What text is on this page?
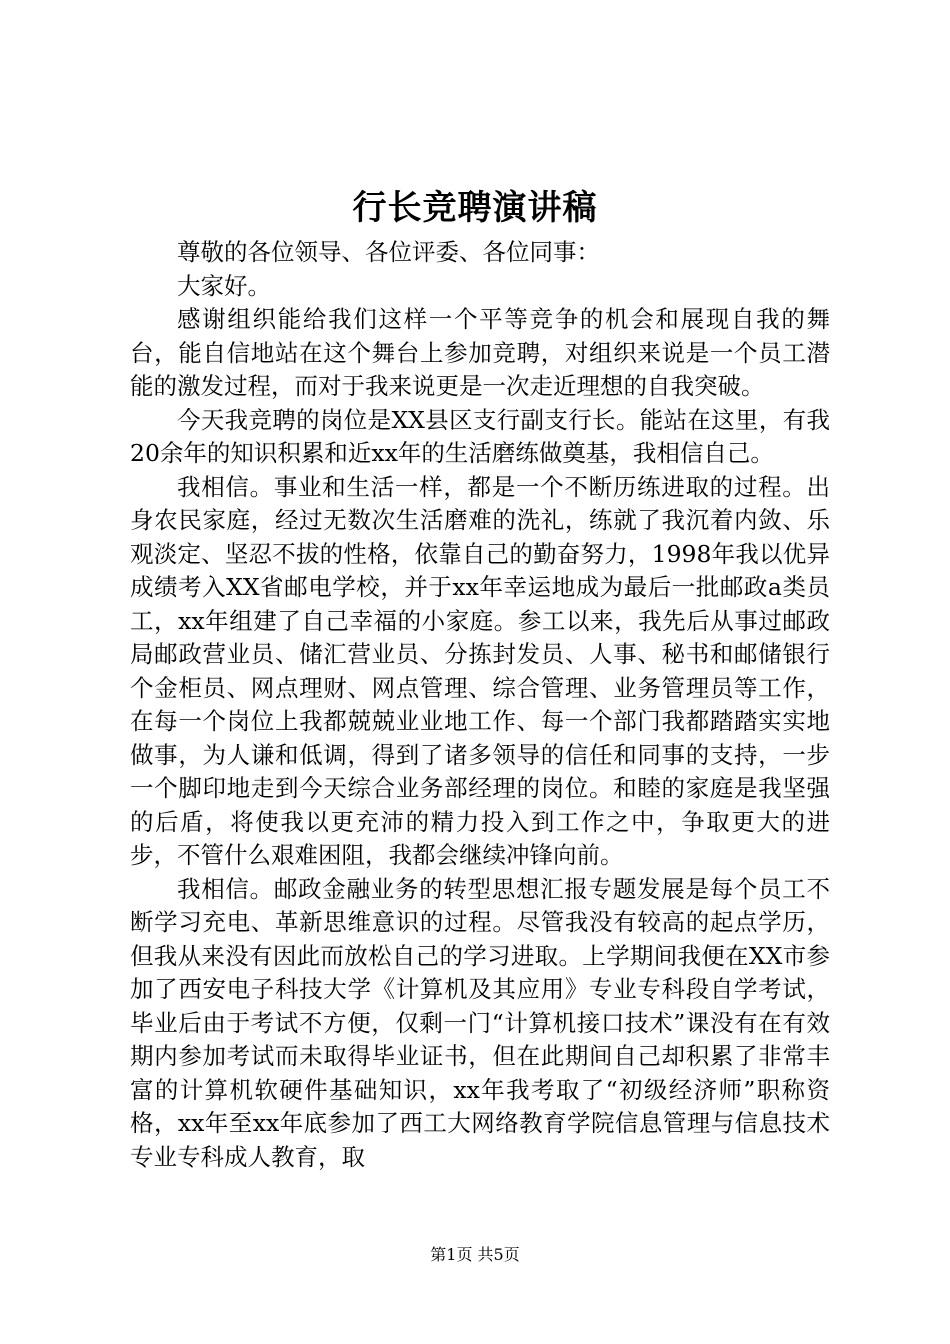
行长竞聘演讲稿

尊敬的各位领导、各位评委、各位同事：

大家好。

感谢组织能给我们这样一个平等竞争的机会和展现自我的舞台，能自信地站在这个舞台上参加竞聘，对组织来说是一个员工潜能的激发过程，而对于我来说更是一次走近理想的自我突破。

今天我竞聘的岗位是XX县区支行副支行长。能站在这里，有我20余年的知识积累和近xx年的生活磨练做奠基，我相信自己。

我相信。事业和生活一样，都是一个不断历练进取的过程。出身农民家庭，经过无数次生活磨难的洗礼，练就了我沉着内敛、乐观淡定、坚忍不拔的性格，依靠自己的勤奋努力，1998年我以优异成绩考入XX省邮电学校，并于xx年幸运地成为最后一批邮政a类员工，xx年组建了自己幸福的小家庭。参工以来，我先后从事过邮政局邮政营业员、储汇营业员、分拣封发员、人事、秘书和邮储银行个金柜员、网点理财、网点管理、综合管理、业务管理员等工作，在每一个岗位上我都兢兢业业地工作、每一个部门我都踏踏实实地做事，为人谦和低调，得到了诸多领导的信任和同事的支持，一步一个脚印地走到今天综合业务部经理的岗位。和睦的家庭是我坚强的后盾，将使我以更充沛的精力投入到工作之中，争取更大的进步，不管什么艰难困阻，我都会继续冲锋向前。

我相信。邮政金融业务的转型思想汇报专题发展是每个员工不断学习充电、革新思维意识的过程。尽管我没有较高的起点学历，但我从来没有因此而放松自己的学习进取。上学期间我便在XX市参加了西安电子科技大学《计算机及其应用》专业专科段自学考试，毕业后由于考试不方便，仅剩一门“计算机接口技术”课没有在有效期内参加考试而未取得毕业证书，但在此期间自己却积累了非常丰富的计算机软硬件基础知识，xx年我考取了“初级经济师”职称资格，xx年至xx年底参加了西工大网络教育学院信息管理与信息技术专业专科成人教育，取

第1页 共5页
